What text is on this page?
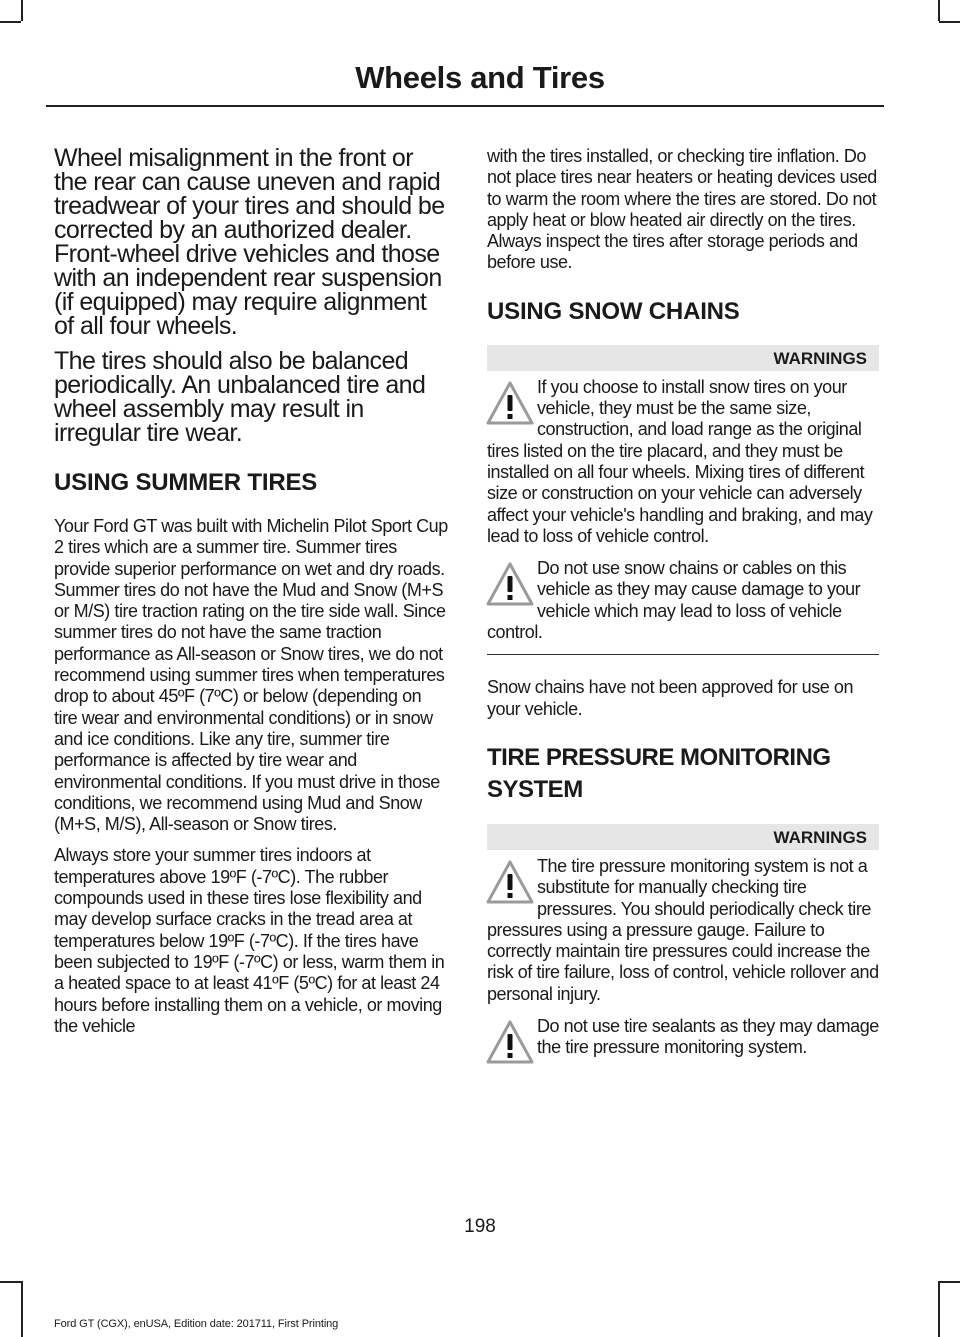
Wheels and Tires

Wheel misalignment in the front or the rear can cause uneven and rapid treadwear of your tires and should be corrected by an authorized dealer. Front-wheel drive vehicles and those with an independent rear suspension (if equipped) may require alignment of all four wheels.

The tires should also be balanced periodically. An unbalanced tire and wheel assembly may result in irregular tire wear.

USING SUMMER TIRES

Your Ford GT was built with Michelin Pilot Sport Cup 2 tires which are a summer tire. Summer tires provide superior performance on wet and dry roads. Summer tires do not have the Mud and Snow (M+S or M/S) tire traction rating on the tire side wall. Since summer tires do not have the same traction performance as All-season or Snow tires, we do not recommend using summer tires when temperatures drop to about 45ºF (7ºC) or below (depending on tire wear and environmental conditions) or in snow and ice conditions. Like any tire, summer tire performance is affected by tire wear and environmental conditions. If you must drive in those conditions, we recommend using Mud and Snow (M+S, M/S), All-season or Snow tires.

Always store your summer tires indoors at temperatures above 19ºF (-7ºC). The rubber compounds used in these tires lose flexibility and may develop surface cracks in the tread area at temperatures below 19ºF (-7ºC). If the tires have been subjected to 19ºF (-7ºC) or less, warm them in a heated space to at least 41ºF (5ºC) for at least 24 hours before installing them on a vehicle, or moving the vehicle

with the tires installed, or checking tire inflation. Do not place tires near heaters or heating devices used to warm the room where the tires are stored. Do not apply heat or blow heated air directly on the tires. Always inspect the tires after storage periods and before use.

USING SNOW CHAINS
WARNINGS
If you choose to install snow tires on your vehicle, they must be the same size, construction, and load range as the original tires listed on the tire placard, and they must be installed on all four wheels. Mixing tires of different size or construction on your vehicle can adversely affect your vehicle's handling and braking, and may lead to loss of vehicle control.
Do not use snow chains or cables on this vehicle as they may cause damage to your vehicle which may lead to loss of vehicle control.

Snow chains have not been approved for use on your vehicle.

TIRE PRESSURE MONITORING
SYSTEM
WARNINGS
The tire pressure monitoring system is not a substitute for manually checking tire pressures. You should periodically check tire pressures using a pressure gauge. Failure to correctly maintain tire pressures could increase the risk of tire failure, loss of control, vehicle rollover and personal injury.
Do not use tire sealants as they may damage the tire pressure monitoring system.
198
Ford GT (CGX), enUSA, Edition date: 201711, First Printing
